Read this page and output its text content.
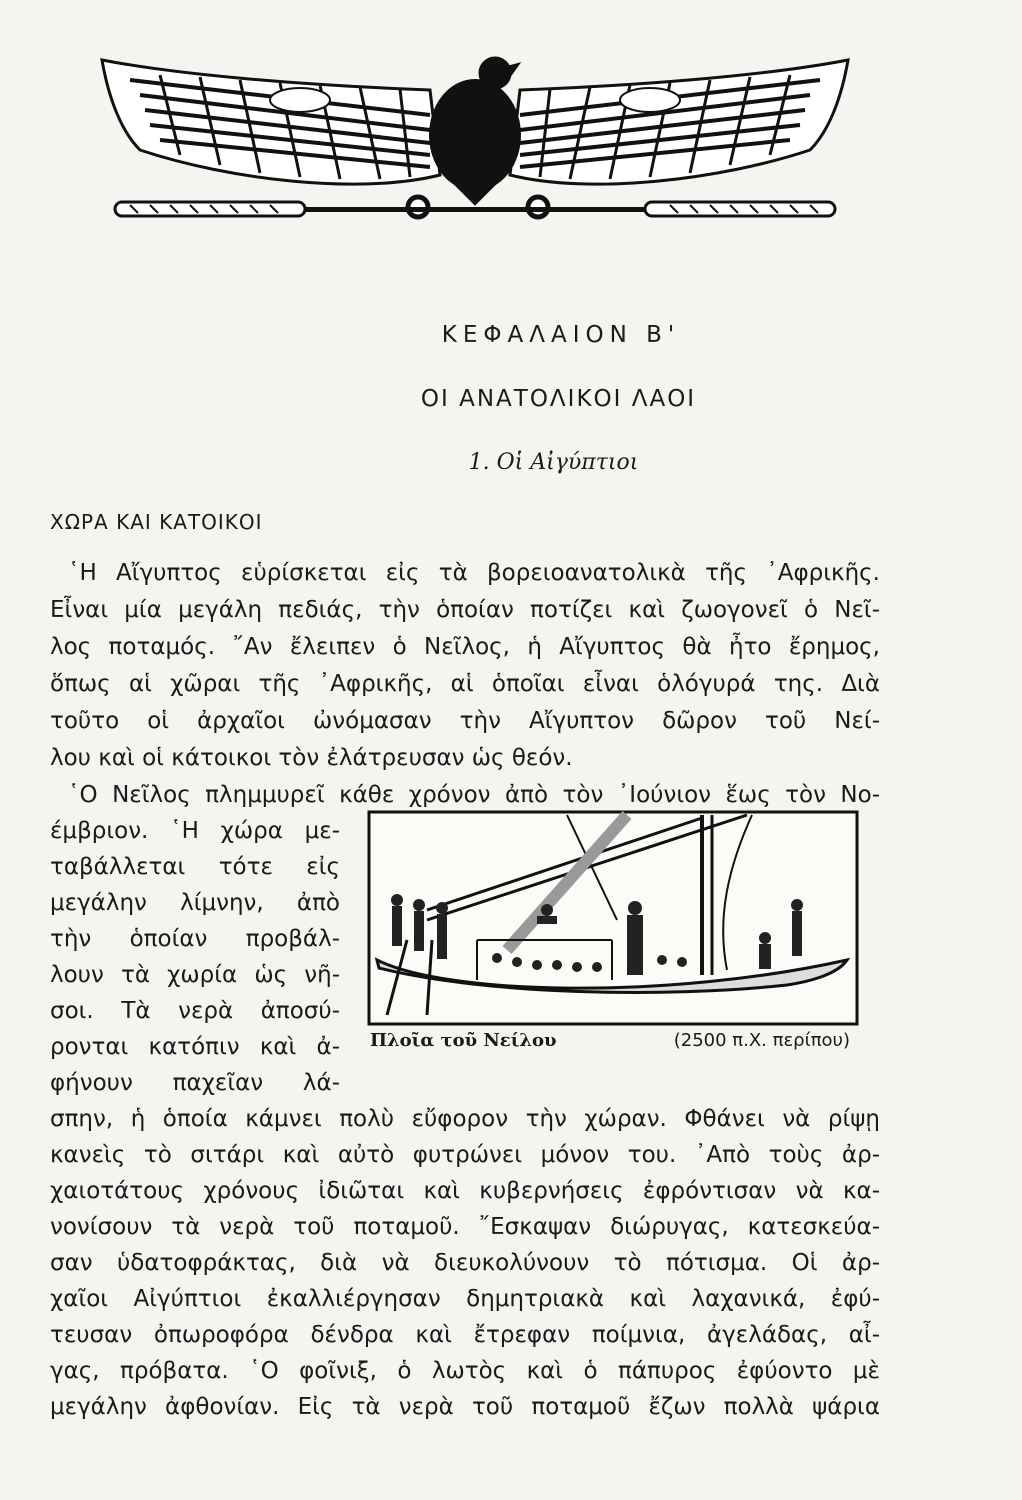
ΚΕΦΑΛΑΙΟΝ Β'
ΟΙ ΑΝΑΤΟΛΙΚΟΙ ΛΑΟΙ
1. Οἱ Αἰγύπτιοι
ΧΩΡΑ ΚΑΙ ΚΑΤΟΙΚΟΙ
῾Η Αἴγυπτος εὑρίσκεται εἰς τὰ βορειοανατολικὰ τῆς ᾿Αφρικῆς.
Εἶναι μία μεγάλη πεδιάς, τὴν ὁποίαν ποτίζει καὶ ζωογονεῖ ὁ Νεῖ-
λος ποταμός. ῎Αν ἔλειπεν ὁ Νεῖλος, ἡ Αἴγυπτος θὰ ἦτο ἔρημος,
ὅπως αἱ χῶραι τῆς ᾿Αφρικῆς, αἱ ὁποῖαι εἶναι ὁλόγυρά της. Διὰ
τοῦτο οἱ ἀρχαῖοι ὠνόμασαν τὴν Αἴγυπτον δῶρον τοῦ Νεί-
λου καὶ οἱ κάτοικοι τὸν ἐλάτρευσαν ὡς θεόν.
῾Ο Νεῖλος πλημμυρεῖ κάθε χρόνον ἀπὸ τὸν ᾿Ιούνιον ἕως τὸν Νο-
έμβριον. ῾Η χώρα με-
ταβάλλεται τότε εἰς
μεγάλην λίμνην, ἀπὸ
τὴν ὁποίαν προβάλ-
λουν τὰ χωρία ὡς νῆ-
σοι. Τὰ νερὰ ἀποσύ-
ρονται κατόπιν καὶ ἀ-
φήνουν παχεῖαν λά-
σπην, ἡ ὁποία κάμνει πολὺ εὔφορον τὴν χώραν. Φθάνει νὰ ρίψῃ
κανεὶς τὸ σιτάρι καὶ αὐτὸ φυτρώνει μόνον του. ᾿Απὸ τοὺς ἀρ-
χαιοτάτους χρόνους ἰδιῶται καὶ κυβερνήσεις ἐφρόντισαν νὰ κα-
νονίσουν τὰ νερὰ τοῦ ποταμοῦ. ῎Εσκαψαν διώρυγας, κατεσκεύα-
σαν ὑδατοφράκτας, διὰ νὰ διευκολύνουν τὸ πότισμα. Οἱ ἀρ-
χαῖοι Αἰγύπτιοι ἐκαλλιέργησαν δημητριακὰ καὶ λαχανικά, ἐφύ-
τευσαν ὀπωροφόρα δένδρα καὶ ἔτρεφαν ποίμνια, ἀγελάδας, αἶ-
γας, πρόβατα. ῾Ο φοῖνιξ, ὁ λωτὸς καὶ ὁ πάπυρος ἐφύοντο μὲ
μεγάλην ἀφθονίαν. Εἰς τὰ νερὰ τοῦ ποταμοῦ ἔζων πολλὰ ψάρια
Πλοῖα τοῦ Νείλου	(2500 π.Χ. περίπου)
